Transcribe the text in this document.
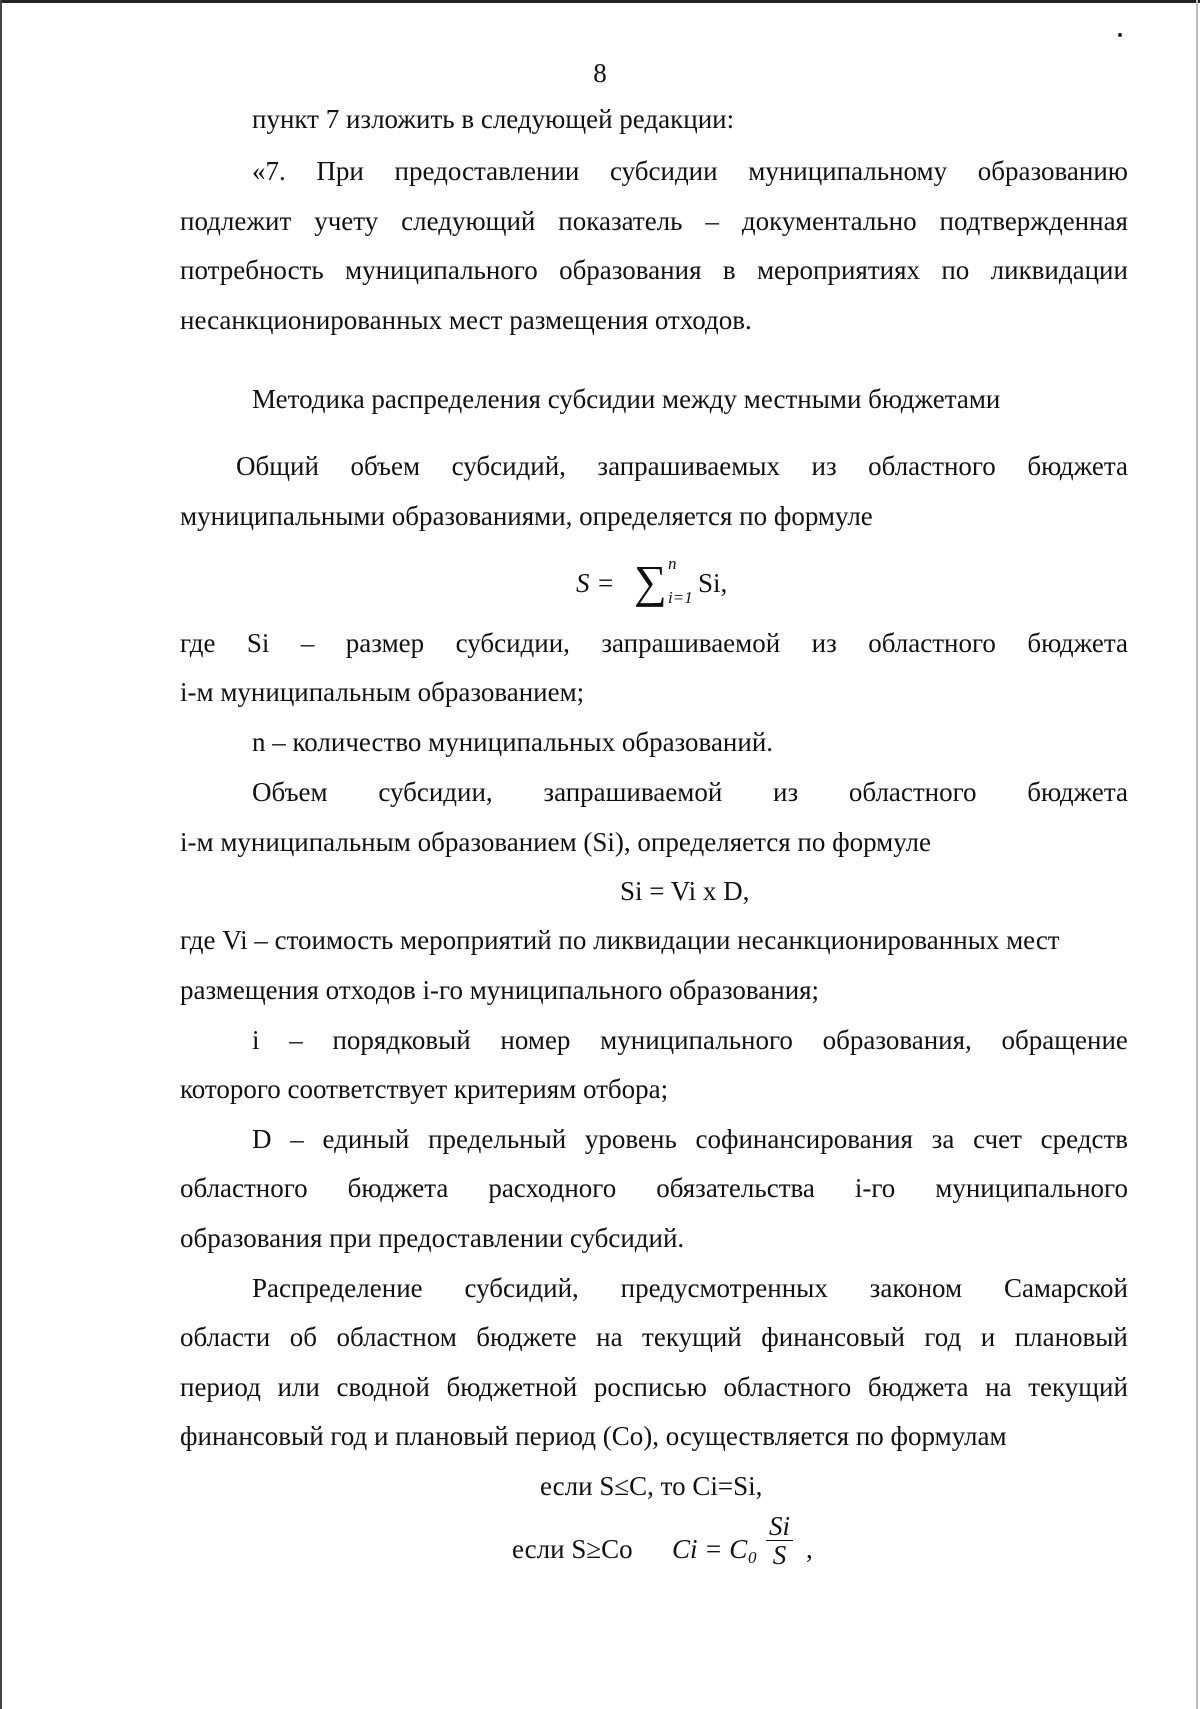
8
пункт 7 изложить в следующей редакции:
«7. При предоставлении субсидии муниципальному образованию
подлежит учету следующий показатель – документально подтвержденная
потребность муниципального образования в мероприятиях по ликвидации
несанкционированных мест размещения отходов.
Методика распределения субсидии между местными бюджетами
Общий объем субсидий, запрашиваемых из областного бюджета
муниципальными образованиями, определяется по формуле
S = ∑ n
i=1 Si,
где Si – размер субсидии, запрашиваемой из областного бюджета
i-м муниципальным образованием;
n – количество муниципальных образований.
Объем субсидии, запрашиваемой из областного бюджета
i-м муниципальным образованием (Si), определяется по формуле
Si = Vi x D,
где Vi – стоимость мероприятий по ликвидации несанкционированных мест
размещения отходов i-го муниципального образования;
i – порядковый номер муниципального образования, обращение
которого соответствует критериям отбора;
D – единый предельный уровень софинансирования за счет средств
областного бюджета расходного обязательства i-го муниципального
образования при предоставлении субсидий.
Распределение субсидий, предусмотренных законом Самарской
области об областном бюджете на текущий финансовый год и плановый
период или сводной бюджетной росписью областного бюджета на текущий
финансовый год и плановый период (Co), осуществляется по формулам
если S≤C, то Ci=Si,
если S≥Co Ci = C $0 \frac{Si}{S}$ ,
